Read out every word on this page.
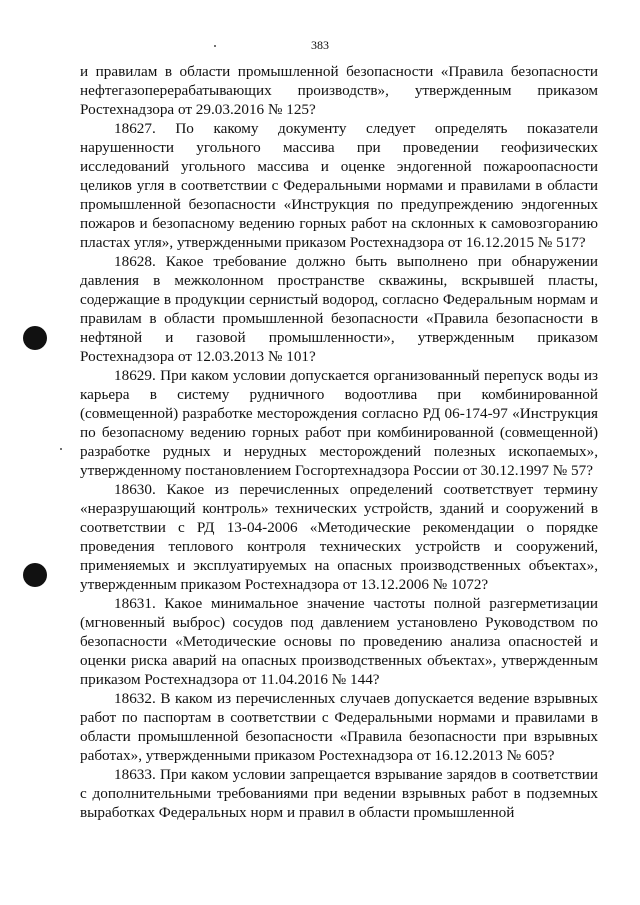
383

и правилам в области промышленной безопасности «Правила безопасности нефтегазоперерабатывающих производств», утвержденным приказом Ростехнадзора от 29.03.2016 № 125?

18627. По какому документу следует определять показатели нарушенности угольного массива при проведении геофизических исследований угольного массива и оценке эндогенной пожароопасности целиков угля в соответствии с Федеральными нормами и правилами в области промышленной безопасности «Инструкция по предупреждению эндогенных пожаров и безопасному ведению горных работ на склонных к самовозгоранию пластах угля», утвержденными приказом Ростехнадзора от 16.12.2015 № 517?

18628. Какое требование должно быть выполнено при обнаружении давления в межколонном пространстве скважины, вскрывшей пласты, содержащие в продукции сернистый водород, согласно Федеральным нормам и правилам в области промышленной безопасности «Правила безопасности в нефтяной и газовой промышленности», утвержденным приказом Ростехнадзора от 12.03.2013 № 101?

18629. При каком условии допускается организованный перепуск воды из карьера в систему рудничного водоотлива при комбинированной (совмещенной) разработке месторождения согласно РД 06-174-97 «Инструкция по безопасному ведению горных работ при комбинированной (совмещенной) разработке рудных и нерудных месторождений полезных ископаемых», утвержденному постановлением Госгортехнадзора России от 30.12.1997 № 57?

18630. Какое из перечисленных определений соответствует термину «неразрушающий контроль» технических устройств, зданий и сооружений в соответствии с РД 13-04-2006 «Методические рекомендации о порядке проведения теплового контроля технических устройств и сооружений, применяемых и эксплуатируемых на опасных производственных объектах», утвержденным приказом Ростехнадзора от 13.12.2006 № 1072?

18631. Какое минимальное значение частоты полной разгерметизации (мгновенный выброс) сосудов под давлением установлено Руководством по безопасности «Методические основы по проведению анализа опасностей и оценки риска аварий на опасных производственных объектах», утвержденным приказом Ростехнадзора от 11.04.2016 № 144?

18632. В каком из перечисленных случаев допускается ведение взрывных работ по паспортам в соответствии с Федеральными нормами и правилами в области промышленной безопасности «Правила безопасности при взрывных работах», утвержденными приказом Ростехнадзора от 16.12.2013 № 605?

18633. При каком условии запрещается взрывание зарядов в соответствии с дополнительными требованиями при ведении взрывных работ в подземных выработках Федеральных норм и правил в области промышленной
